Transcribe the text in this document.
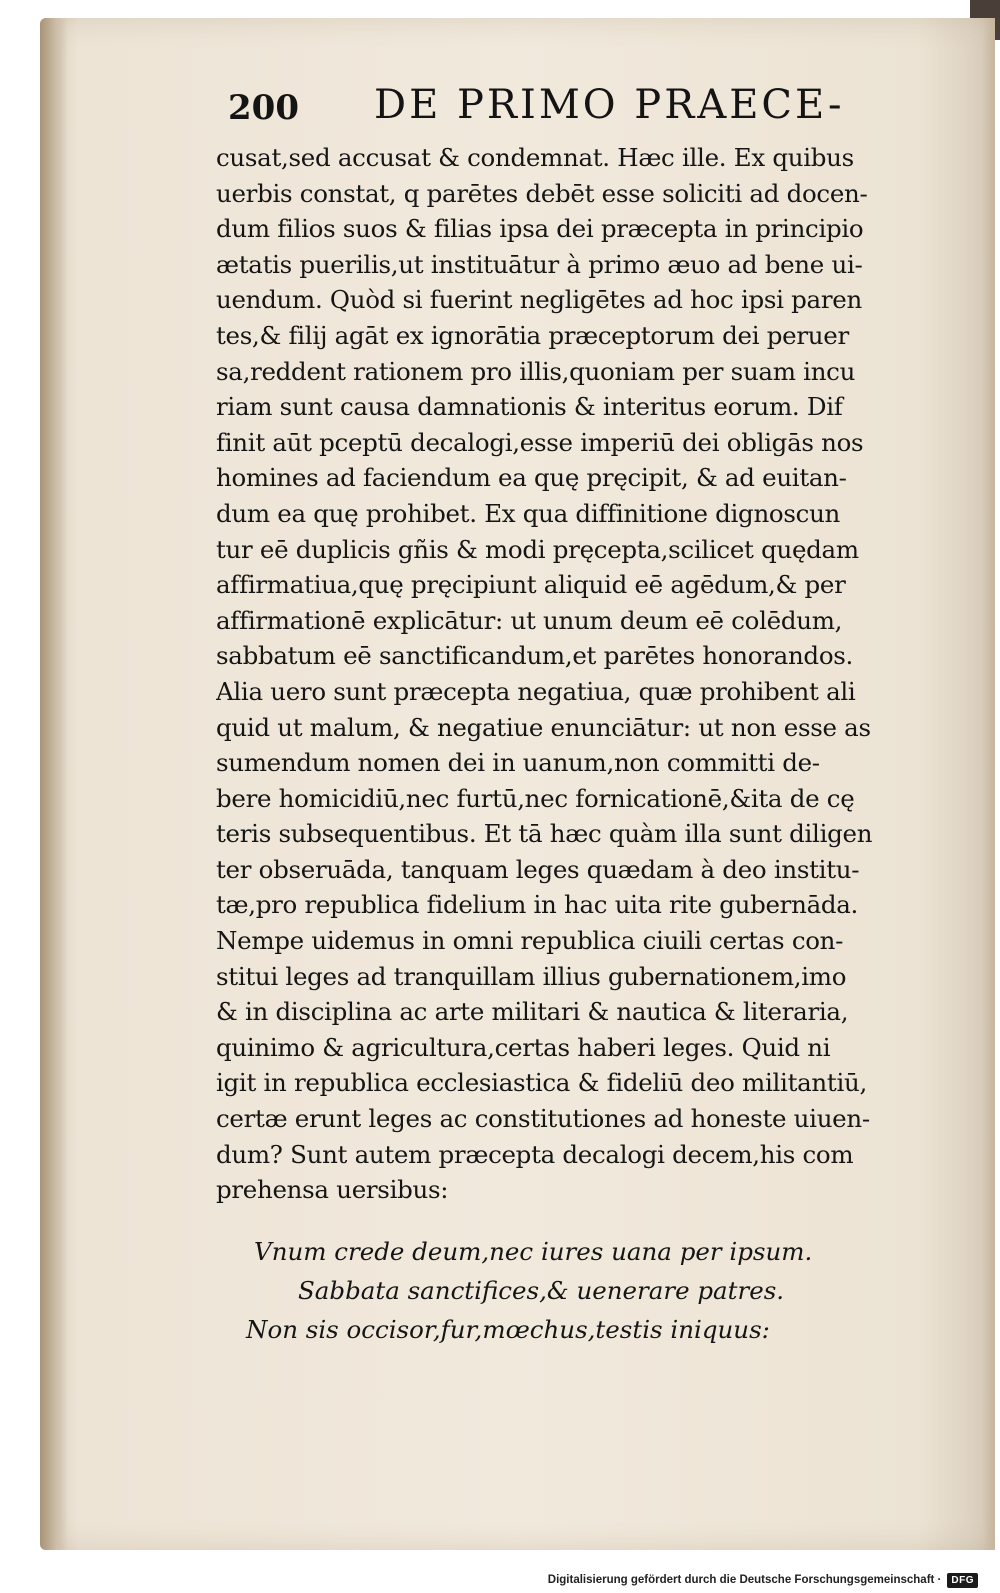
200 DE PRIMO PRAECE-
cusat,sed accusat & condemnat. Hæc ille. Ex quibus
uerbis constat, q parētes debēt esse soliciti ad docen-
dum filios suos & filias ipsa dei præcepta in principio
ætatis puerilis,ut instituātur à primo æuo ad bene ui-
uendum. Quòd si fuerint negligētes ad hoc ipsi paren
tes,& filij agāt ex ignorātia præceptorum dei peruer
sa,reddent rationem pro illis,quoniam per suam incu
riam sunt causa damnationis & interitus eorum. Dif
finit aūt pceptū decalogi,esse imperiū dei obligās nos
homines ad faciendum ea quę pręcipit, & ad euitan-
dum ea quę prohibet. Ex qua diffinitione dignoscun
tur eē duplicis gñis & modi pręcepta,scilicet quędam
affirmatiua,quę pręcipiunt aliquid eē agēdum,& per
affirmationē explicātur: ut unum deum eē colēdum,
sabbatum eē sanctificandum,et parētes honorandos.
Alia uero sunt præcepta negatiua, quæ prohibent ali
quid ut malum, & negatiue enunciātur: ut non esse as
sumendum nomen dei in uanum,non committi de-
bere homicidiū,nec furtū,nec fornicationē,&ita de cę
teris subsequentibus. Et tā hæc quàm illa sunt diligen
ter obseruāda, tanquam leges quædam à deo institu-
tæ,pro republica fidelium in hac uita rite gubernāda.
Nempe uidemus in omni republica ciuili certas con-
stitui leges ad tranquillam illius gubernationem,imo
& in disciplina ac arte militari & nautica & literaria,
quinimo & agricultura,certas haberi leges. Quid ni
igit in republica ecclesiastica & fideliū deo militantiū,
certæ erunt leges ac constitutiones ad honeste uiuen-
dum? Sunt autem præcepta decalogi decem,his com
prehensa uersibus:
Vnum crede deum,nec iures uana per ipsum.
Sabbata sanctifices,& uenerare patres.
Non sis occisor,fur,mœchus,testis iniquus:
Digitalisierung gefördert durch die Deutsche Forschungsgemeinschaft ·	DFG
